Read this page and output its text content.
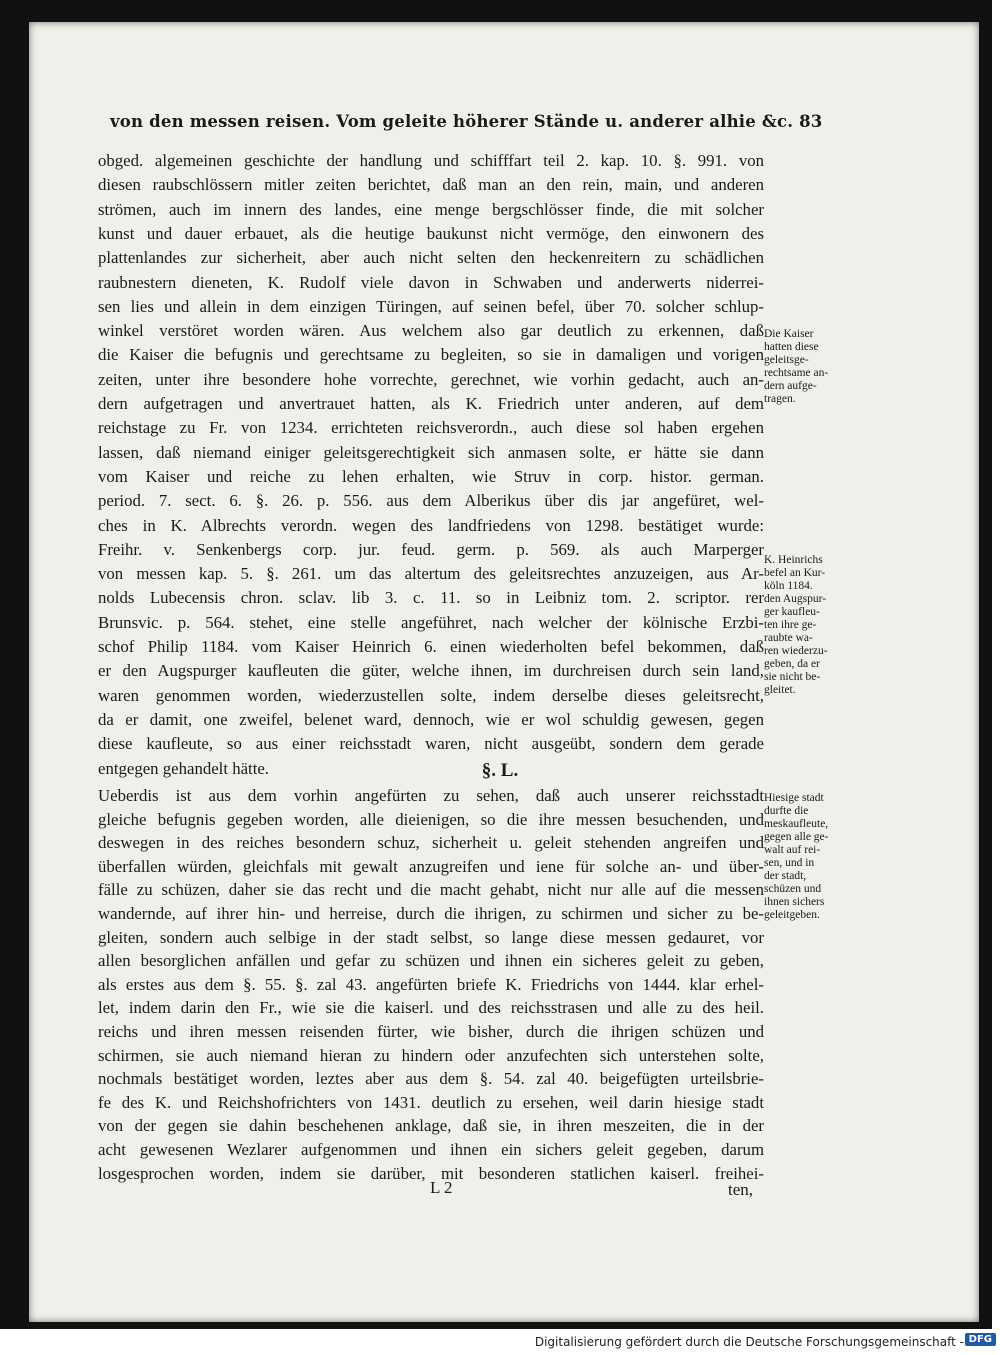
von den messen reisen. Vom geleite höherer Stände u. anderer alhie &c. 83
obged. algemeinen geschichte der handlung und schifffart teil 2. kap. 10. §. 991. von
diesen raubschlössern mitler zeiten berichtet, daß man an den rein, main, und anderen
strömen, auch im innern des landes, eine menge bergschlösser finde, die mit solcher
kunst und dauer erbauet, als die heutige baukunst nicht vermöge, den einwonern des
plattenlandes zur sicherheit, aber auch nicht selten den heckenreitern zu schädlichen
raubnestern dieneten, K. Rudolf viele davon in Schwaben und anderwerts niderrei-
sen lies und allein in dem einzigen Türingen, auf seinen befel, über 70. solcher schlup-
winkel verstöret worden wären. Aus welchem also gar deutlich zu erkennen, daß
die Kaiser die befugnis und gerechtsame zu begleiten, so sie in damaligen und vorigen
zeiten, unter ihre besondere hohe vorrechte, gerechnet, wie vorhin gedacht, auch an-
dern aufgetragen und anvertrauet hatten, als K. Friedrich unter anderen, auf dem
reichstage zu Fr. von 1234. errichteten reichsverordn., auch diese sol haben ergehen
lassen, daß niemand einiger geleitsgerechtigkeit sich anmasen solte, er hätte sie dann
vom Kaiser und reiche zu lehen erhalten, wie Struv in corp. histor. german.
period. 7. sect. 6. §. 26. p. 556. aus dem Alberikus über dis jar angefüret, wel-
ches in K. Albrechts verordn. wegen des landfriedens von 1298. bestätiget wurde:
Freihr. v. Senkenbergs corp. jur. feud. germ. p. 569. als auch Marperger
von messen kap. 5. §. 261. um das altertum des geleitsrechtes anzuzeigen, aus Ar-
nolds Lubecensis chron. sclav. lib 3. c. 11. so in Leibniz tom. 2. scriptor. rer
Brunsvic. p. 564. stehet, eine stelle angeführet, nach welcher der kölnische Erzbi-
schof Philip 1184. vom Kaiser Heinrich 6. einen wiederholten befel bekommen, daß
er den Augspurger kaufleuten die güter, welche ihnen, im durchreisen durch sein land,
waren genommen worden, wiederzustellen solte, indem derselbe dieses geleitsrecht,
da er damit, one zweifel, belenet ward, dennoch, wie er wol schuldig gewesen, gegen
diese kaufleute, so aus einer reichsstadt waren, nicht ausgeübt, sondern dem gerade
entgegen gehandelt hätte.	§. L.
Ueberdis ist aus dem vorhin angefürten zu sehen, daß auch unserer reichsstadt
gleiche befugnis gegeben worden, alle dieienigen, so die ihre messen besuchenden, und
deswegen in des reiches besondern schuz, sicherheit u. geleit stehenden angreifen und
überfallen würden, gleichfals mit gewalt anzugreifen und iene für solche an- und über-
fälle zu schüzen, daher sie das recht und die macht gehabt, nicht nur alle auf die messen
wandernde, auf ihrer hin- und herreise, durch die ihrigen, zu schirmen und sicher zu be-
gleiten, sondern auch selbige in der stadt selbst, so lange diese messen gedauret, vor
allen besorglichen anfällen und gefar zu schüzen und ihnen ein sicheres geleit zu geben,
als erstes aus dem §. 55. §. zal 43. angefürten briefe K. Friedrichs von 1444. klar erhel-
let, indem darin den Fr., wie sie die kaiserl. und des reichsstrasen und alle zu des heil.
reichs und ihren messen reisenden fürter, wie bisher, durch die ihrigen schüzen und
schirmen, sie auch niemand hieran zu hindern oder anzufechten sich unterstehen solte,
nochmals bestätiget worden, leztes aber aus dem §. 54. zal 40. beigefügten urteilsbrie-
fe des K. und Reichshofrichters von 1431. deutlich zu ersehen, weil darin hiesige stadt
von der gegen sie dahin beschehenen anklage, daß sie, in ihren meszeiten, die in der
acht gewesenen Wezlarer aufgenommen und ihnen ein sichers geleit gegeben, darum
losgesprochen worden, indem sie darüber, mit besonderen statlichen kaiserl. freihei-
Die Kaiser
hatten diese
geleitsge-
rechtsame an-
dern aufge-
tragen.
K. Heinrichs
befel an Kur-
köln 1184.
den Augspur-
ger kaufleu-
ten ihre ge-
raubte wa-
ren wiederzu-
geben, da er
sie nicht be-
gleitet.
Hiesige stadt
durfte die
meskaufleute,
gegen alle ge-
walt auf rei-
sen, und in
der stadt,
schüzen und
ihnen sichers
geleitgeben.
L 2	ten,
Digitalisierung gefördert durch die Deutsche Forschungsgemeinschaft - DFG
